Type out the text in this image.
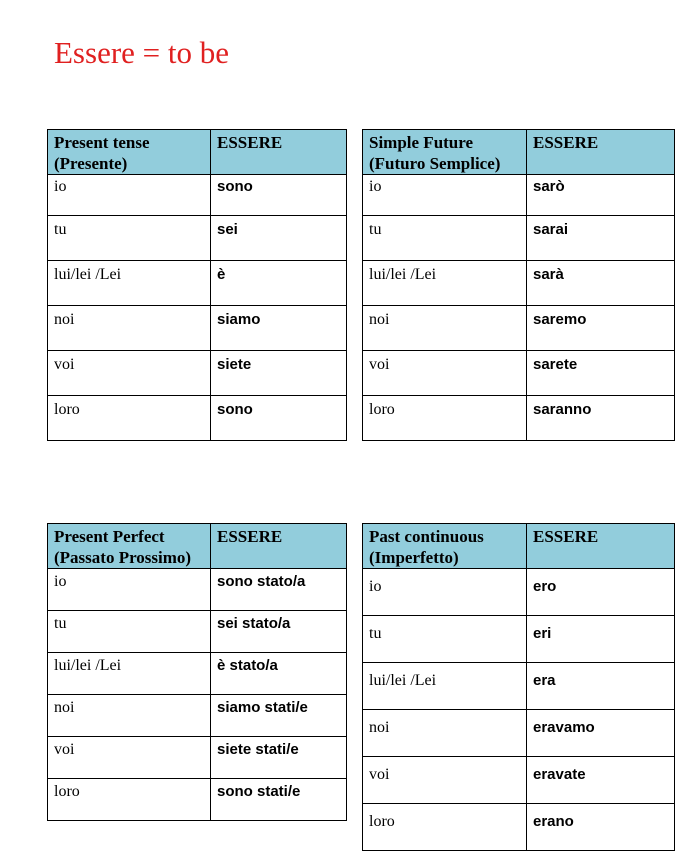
Essere = to be
Present tense
(Presente)	ESSERE
io	sono
tu	sei
lui/lei /Lei	è
noi	siamo
voi	siete
loro	sono
Simple Future
(Futuro Semplice)	ESSERE
io	sarò
tu	sarai
lui/lei /Lei	sarà
noi	saremo
voi	sarete
loro	saranno
Present Perfect
(Passato Prossimo)	ESSERE
io	sono stato/a
tu	sei stato/a
lui/lei /Lei	è stato/a
noi	siamo stati/e
voi	siete stati/e
loro	sono stati/e
Past continuous
(Imperfetto)	ESSERE
io	ero
tu	eri
lui/lei /Lei	era
noi	eravamo
voi	eravate
loro	erano
